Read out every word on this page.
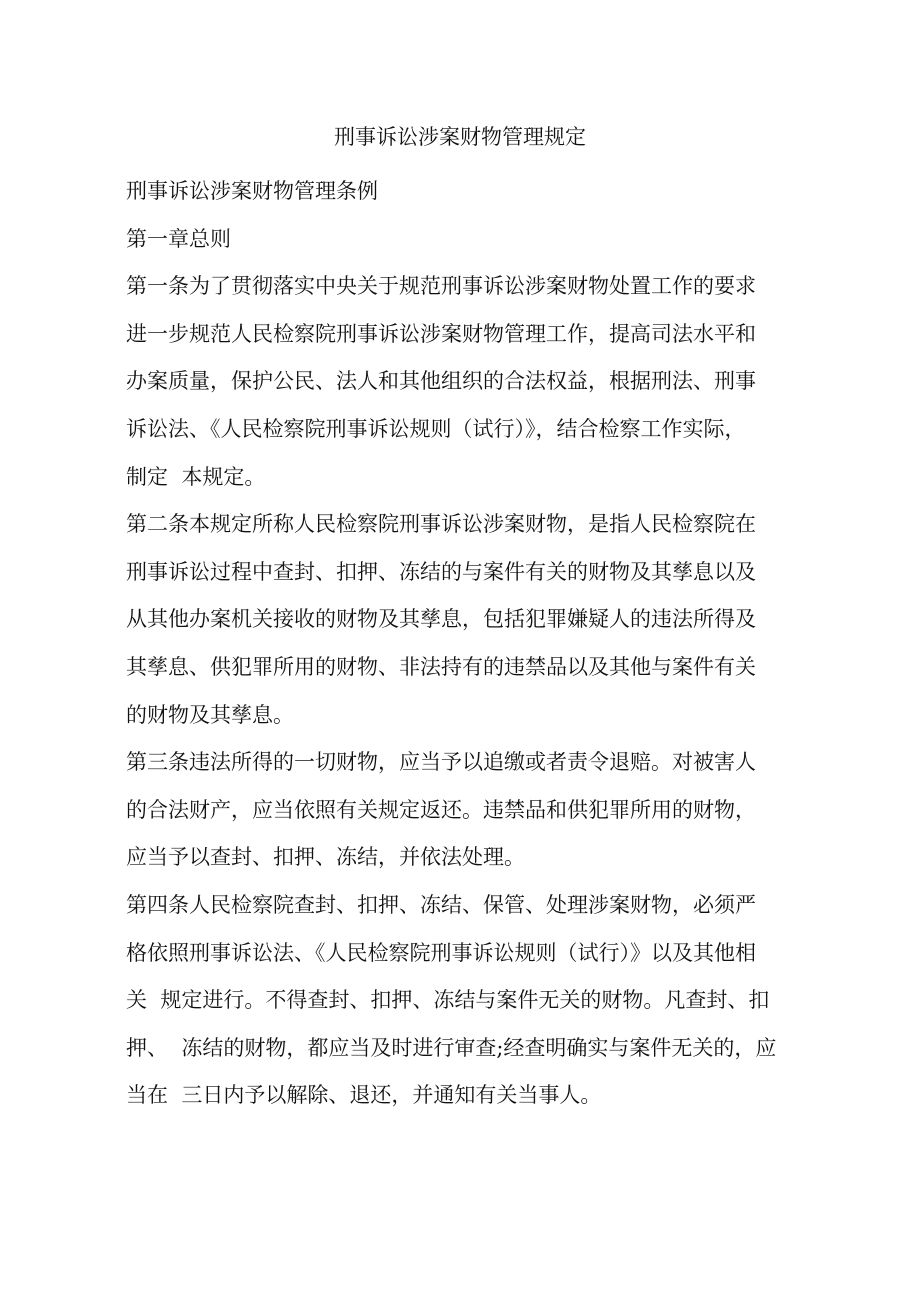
刑事诉讼涉案财物管理规定
刑事诉讼涉案财物管理条例
第一章总则
第一条为了贯彻落实中央关于规范刑事诉讼涉案财物处置工作的要求
进一步规范人民检察院刑事诉讼涉案财物管理工作，提高司法水平和
办案质量，保护公民、法人和其他组织的合法权益，根据刑法、刑事
诉讼法、《人民检察院刑事诉讼规则（试行）》，结合检察工作实际，
制定  本规定。
第二条本规定所称人民检察院刑事诉讼涉案财物，是指人民检察院在
刑事诉讼过程中查封、扣押、冻结的与案件有关的财物及其孳息以及
从其他办案机关接收的财物及其孳息，包括犯罪嫌疑人的违法所得及
其孳息、供犯罪所用的财物、非法持有的违禁品以及其他与案件有关
的财物及其孳息。
第三条违法所得的一切财物，应当予以追缴或者责令退赔。对被害人
的合法财产，应当依照有关规定返还。违禁品和供犯罪所用的财物，
应当予以查封、扣押、冻结，并依法处理。
第四条人民检察院查封、扣押、冻结、保管、处理涉案财物，必须严
格依照刑事诉讼法、《人民检察院刑事诉讼规则（试行）》以及其他相
关  规定进行。不得查封、扣押、冻结与案件无关的财物。凡查封、扣
押、  冻结的财物，都应当及时进行审查;经查明确实与案件无关的，应
当在  三日内予以解除、退还，并通知有关当事人。
